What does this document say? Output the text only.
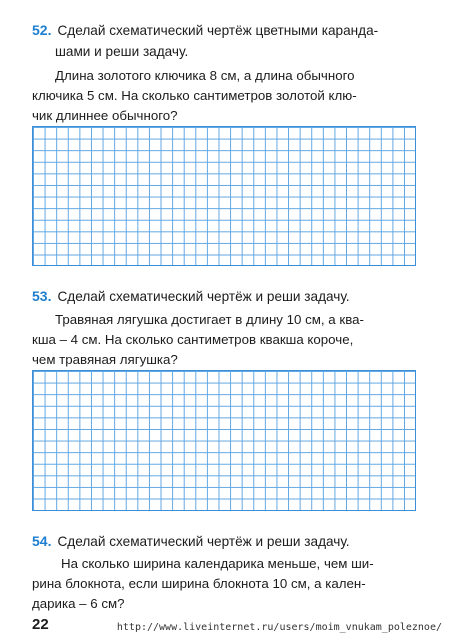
52. Сделай схематический чертёж цветными каранда-
шами и реши задачу.
Длина золотого ключика 8 см, а длина обычного
ключика 5 см. На сколько сантиметров золотой клю-
чик длиннее обычного?
53. Сделай схематический чертёж и реши задачу.
Травяная лягушка достигает в длину 10 см, а ква-
кша – 4 см. На сколько сантиметров квакша короче,
чем травяная лягушка?
54. Сделай схематический чертёж и реши задачу.
На сколько ширина календарика меньше, чем ши-
рина блокнота, если ширина блокнота 10 см, а кален-
дарика – 6 см?
22	http://www.liveinternet.ru/users/moim_vnukam_poleznoe/
